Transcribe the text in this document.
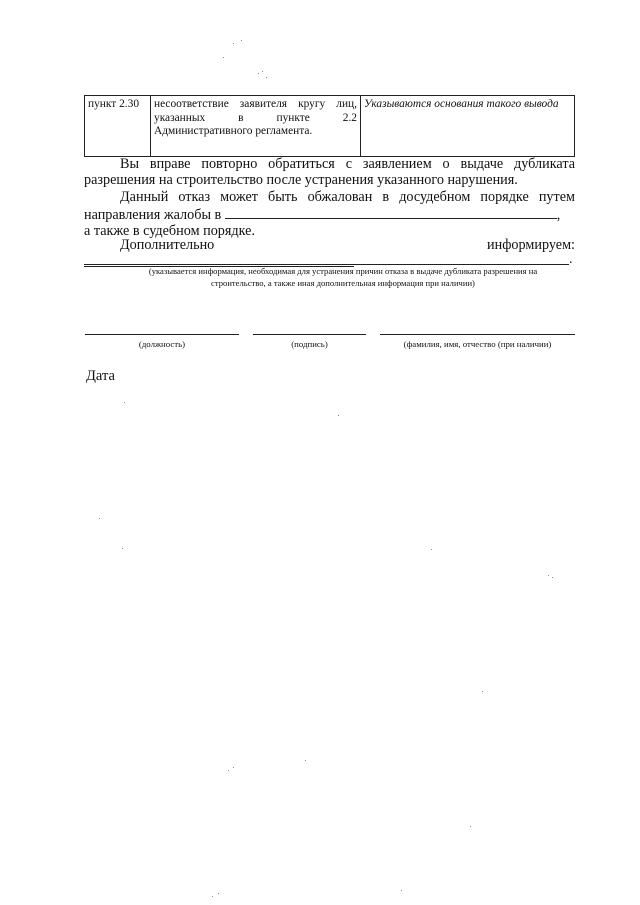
пункт 2.30	несоответствие заявителя кругу лиц,
указанных в пункте 2.2
Административного регламента.
	Указываются основания такого вывода

Вы вправе повторно обратиться с заявлением о выдаче дубликата

разрешения на строительство после устранения указанного нарушения.

Данный отказ может быть обжалован в досудебном порядке путем

направления жалобы в	,

а также в судебном порядке.

Дополнительно информируем:

.
(указывается информация, необходимая для устранения причин отказа в выдаче дубликата разрешения на
строительство, а также иная дополнительная информация при наличии)
(должность)	(подпись)	(фамилия, имя, отчество (при наличии)
Дата
